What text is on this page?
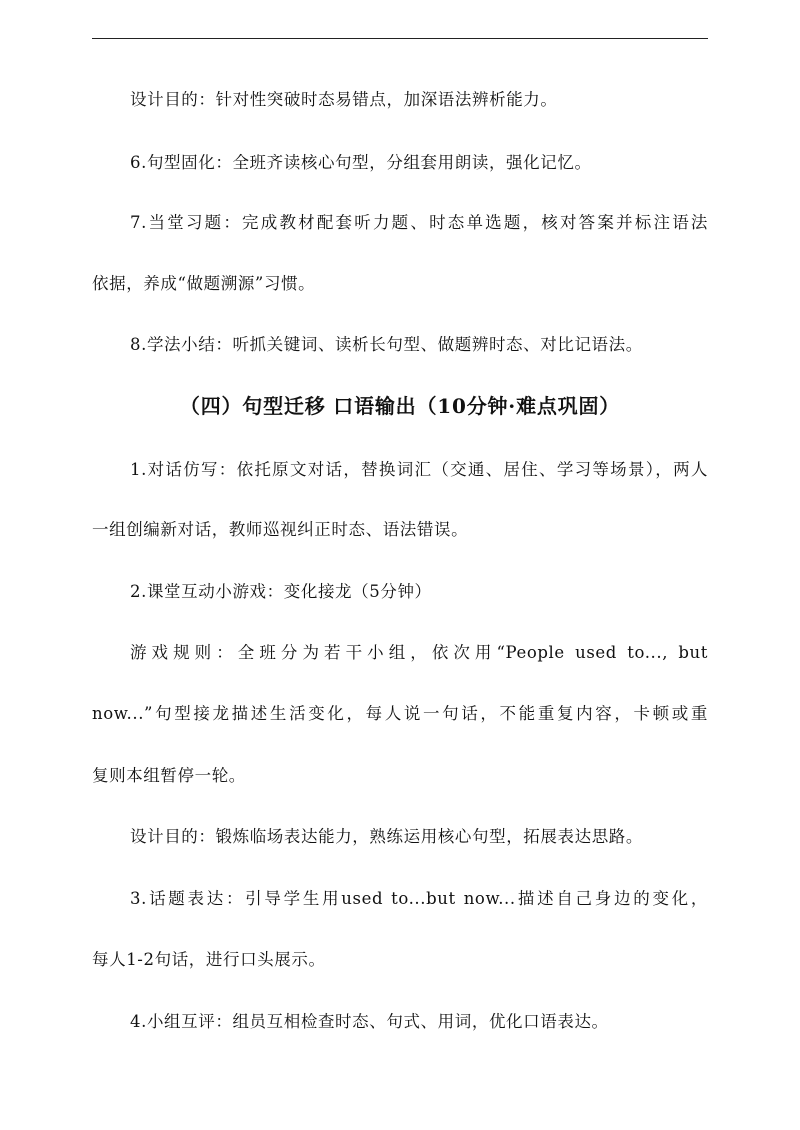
设计目的：针对性突破时态易错点，加深语法辨析能力。
6.句型固化：全班齐读核心句型，分组套用朗读，强化记忆。
7.当堂习题：完成教材配套听力题、时态单选题，核对答案并标注语法
依据，养成“做题溯源”习惯。
8.学法小结：听抓关键词、读析长句型、做题辨时态、对比记语法。
（四）句型迁移 口语输出（10分钟·难点巩固）
1.对话仿写：依托原文对话，替换词汇（交通、居住、学习等场景），两人
一组创编新对话，教师巡视纠正时态、语法错误。
2.课堂互动小游戏：变化接龙（5分钟）
游戏规则：全班分为若干小组，依次用“People used to..., but
now...”句型接龙描述生活变化，每人说一句话，不能重复内容，卡顿或重
复则本组暂停一轮。
设计目的：锻炼临场表达能力，熟练运用核心句型，拓展表达思路。
3.话题表达：引导学生用used to...but now...描述自己身边的变化，
每人1-2句话，进行口头展示。
4.小组互评：组员互相检查时态、句式、用词，优化口语表达。
